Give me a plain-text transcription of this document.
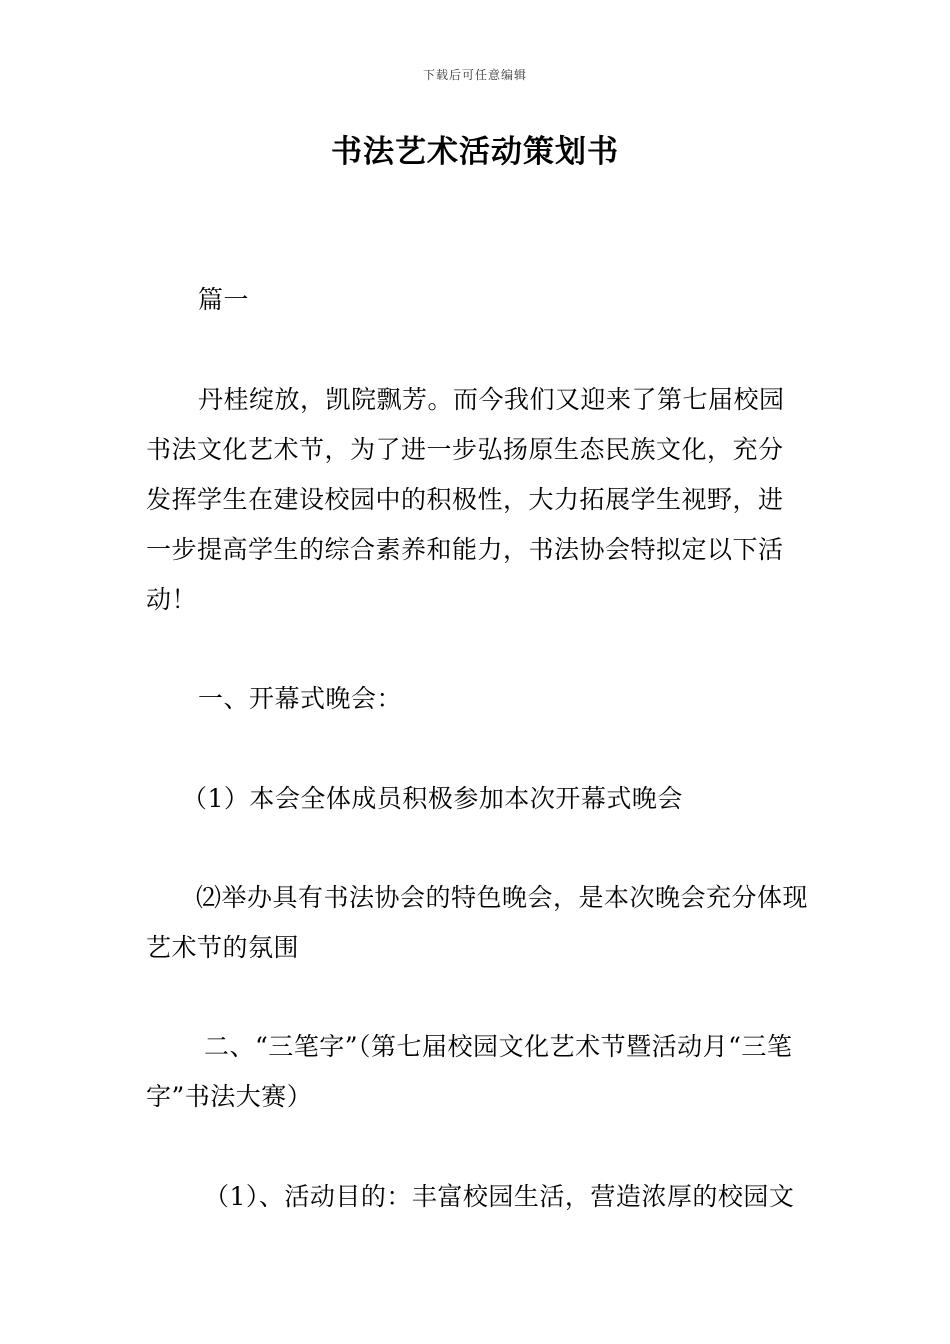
下载后可任意编辑
书法艺术活动策划书

篇一

丹桂绽放，凯院飘芳。而今我们又迎来了第七届校园书法文化艺术节，为了进一步弘扬原生态民族文化，充分发挥学生在建设校园中的积极性，大力拓展学生视野，进一步提高学生的综合素养和能力，书法协会特拟定以下活动！

一、开幕式晚会：

（1）本会全体成员积极参加本次开幕式晚会

⑵举办具有书法协会的特色晚会，是本次晚会充分体现艺术节的氛围

二、“三笔字”（第七届校园文化艺术节暨活动月“三笔字”书法大赛）

（1）、活动目的：丰富校园生活，营造浓厚的校园文
